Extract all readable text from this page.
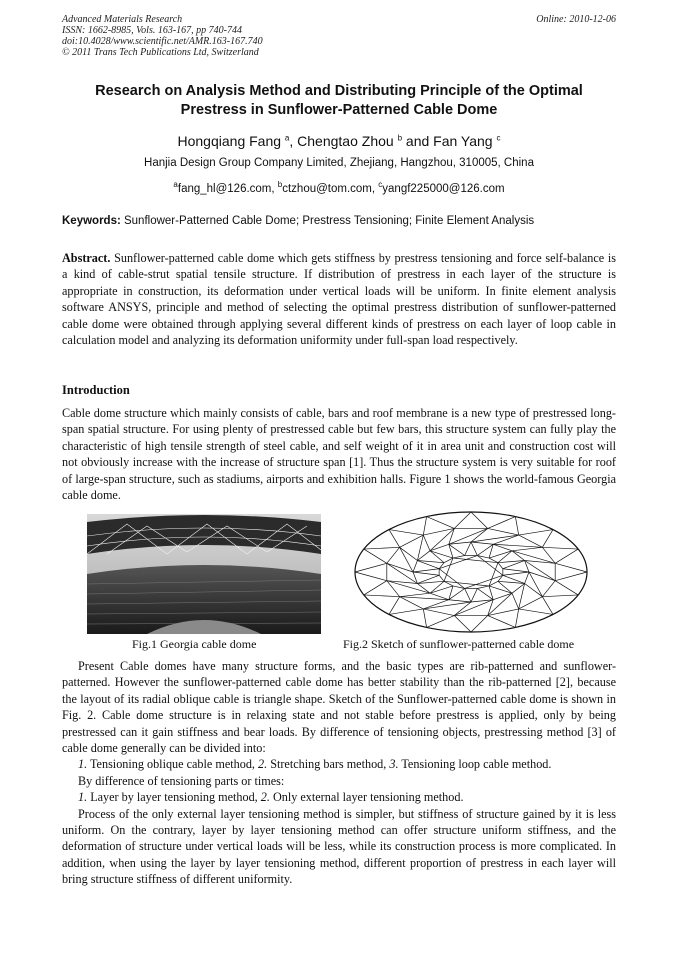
Advanced Materials Research
ISSN: 1662-8985, Vols. 163-167, pp 740-744
doi:10.4028/www.scientific.net/AMR.163-167.740
© 2011 Trans Tech Publications Ltd, Switzerland
Online: 2010-12-06
Research on Analysis Method and Distributing Principle of the Optimal
Prestress in Sunflower-Patterned Cable Dome
Hongqiang Fang $^a$, Chengtao Zhou $^b$ and Fan Yang $^c$
Hanjia Design Group Company Limited, Zhejiang, Hangzhou, 310005, China
$^a$fang_hl@126.com, $^b$ctzhou@tom.com, $^c$yangf225000@126.com
Keywords: Sunflower-Patterned Cable Dome; Prestress Tensioning; Finite Element Analysis
Abstract. Sunflower-patterned cable dome which gets stiffness by prestress tensioning and force self-balance is a kind of cable-strut spatial tensile structure. If distribution of prestress in each layer of the structure is appropriate in construction, its deformation under vertical loads will be uniform. In finite element analysis software ANSYS, principle and method of selecting the optimal prestress distribution of sunflower-patterned cable dome were obtained through applying several different kinds of prestress on each layer of loop cable in calculation model and analyzing its deformation uniformity under full-span load respectively.
Introduction
Cable dome structure which mainly consists of cable, bars and roof membrane is a new type of prestressed long-span spatial structure. For using plenty of prestressed cable but few bars, this structure system can fully play the characteristic of high tensile strength of steel cable, and self weight of it in area unit and construction cost will not obviously increase with the increase of structure span [1]. Thus the structure system is very suitable for roof of large-span structure, such as stadiums, airports and exhibition halls. Figure 1 shows the world-famous Georgia cable dome.
Fig.1 Georgia cable dome	Fig.2 Sketch of sunflower-patterned cable dome

Present Cable domes have many structure forms, and the basic types are rib-patterned and sunflower-patterned. However the sunflower-patterned cable dome has better stability than the rib-patterned [2], because the layout of its radial oblique cable is triangle shape. Sketch of the Sunflower-patterned cable dome is shown in Fig. 2. Cable dome structure is in relaxing state and not stable before prestress is applied, only by being prestressed can it gain stiffness and bear loads. By difference of tensioning objects, prestressing method [3] of cable dome generally can be divided into:

1. Tensioning oblique cable method, 2. Stretching bars method, 3. Tensioning loop cable method.

By difference of tensioning parts or times:

1. Layer by layer tensioning method, 2. Only external layer tensioning method.

Process of the only external layer tensioning method is simpler, but stiffness of structure gained by it is less uniform. On the contrary, layer by layer tensioning method can offer structure uniform stiffness, and the deformation of structure under vertical loads will be less, while its construction process is more complicated. In addition, when using the layer by layer tensioning method, different proportion of prestress in each layer will bring structure stiffness of different uniformity.
